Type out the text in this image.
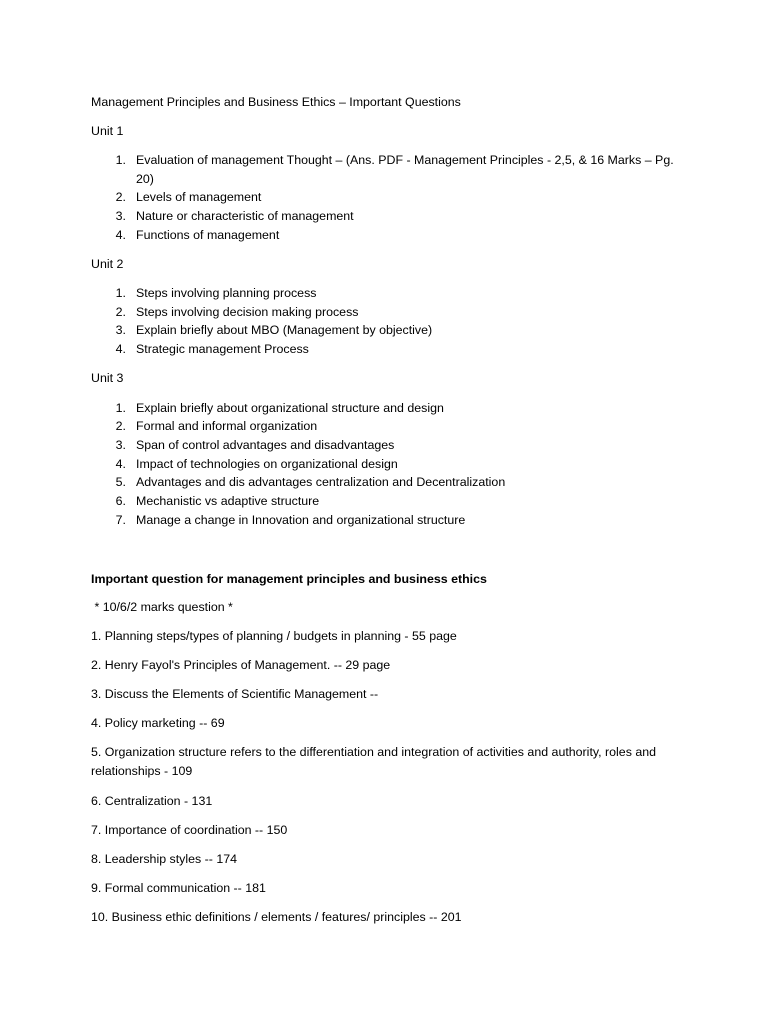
Management Principles and Business Ethics – Important Questions
Unit 1
1. Evaluation of management Thought – (Ans. PDF - Management Principles - 2,5, & 16 Marks – Pg. 20)
2. Levels of management
3. Nature or characteristic of management
4. Functions of management
Unit 2
1. Steps involving planning process
2. Steps involving decision making process
3. Explain briefly about MBO (Management by objective)
4. Strategic management Process
Unit 3
1. Explain briefly about organizational structure and design
2. Formal and informal organization
3. Span of control advantages and disadvantages
4. Impact of technologies on organizational design
5. Advantages and dis advantages centralization and Decentralization
6. Mechanistic vs adaptive structure
7. Manage a change in Innovation and organizational structure
Important question for management principles and business ethics
* 10/6/2 marks question *
1. Planning steps/types of planning / budgets in planning - 55 page
2. Henry Fayol's Principles of Management. -- 29 page
3. Discuss the Elements of Scientific Management --
4. Policy marketing -- 69
5. Organization structure refers to the differentiation and integration of activities and authority, roles and relationships - 109
6. Centralization - 131
7. Importance of coordination -- 150
8. Leadership styles -- 174
9. Formal communication -- 181
10. Business ethic definitions / elements / features/ principles -- 201
